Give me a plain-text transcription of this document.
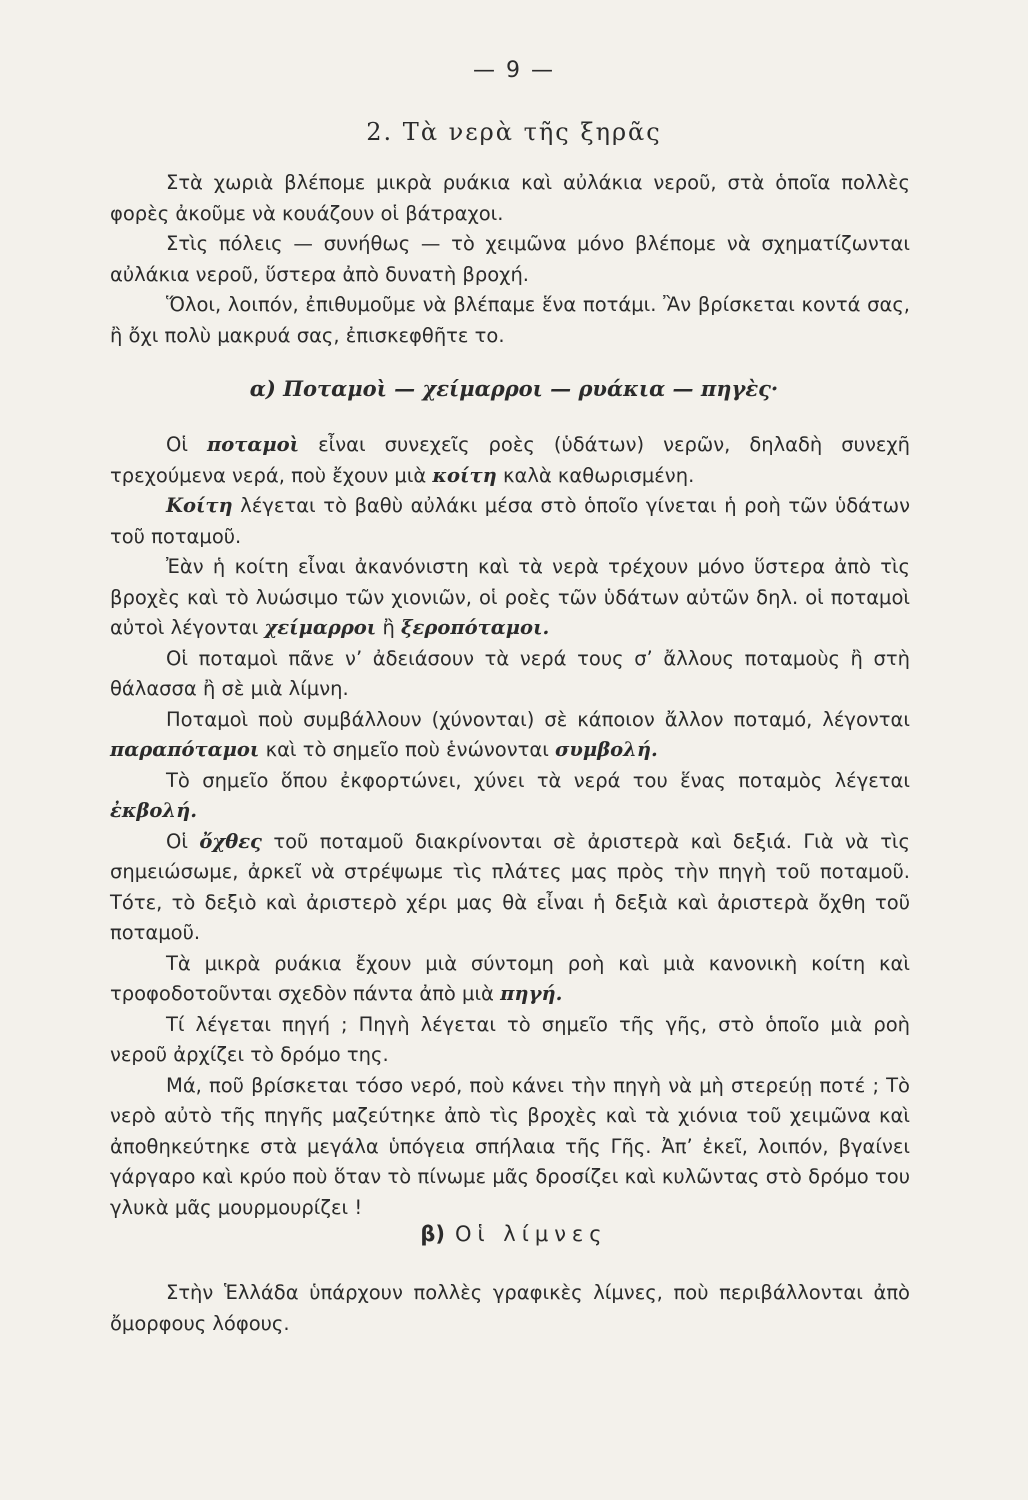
— 9 —
2. Τὰ νερὰ τῆς ξηρᾶς

Στὰ χωριὰ βλέπομε μικρὰ ρυάκια καὶ αὐλάκια νεροῦ, στὰ ὁποῖα πολλὲς φορὲς ἀκοῦμε νὰ κουάζουν οἱ βάτραχοι.

Στὶς πόλεις — συνήθως — τὸ χειμῶνα μόνο βλέπομε νὰ σχηματίζωνται αὐλάκια νεροῦ, ὕστερα ἀπὸ δυνατὴ βροχή.

Ὅλοι, λοιπόν, ἐπιθυμοῦμε νὰ βλέπαμε ἕνα ποτάμι. Ἂν βρίσκεται κοντά σας, ἢ ὄχι πολὺ μακρυά σας, ἐπισκεφθῆτε το.

α) Ποταμοὶ — χείμαρροι — ρυάκια — πηγὲς·

Οἱ ποταμοὶ εἶναι συνεχεῖς ροὲς (ὑδάτων) νερῶν, δηλαδὴ συνεχῆ τρεχούμενα νερά, ποὺ ἔχουν μιὰ κοίτη καλὰ καθωρισμένη.

Κοίτη λέγεται τὸ βαθὺ αὐλάκι μέσα στὸ ὁποῖο γίνεται ἡ ροὴ τῶν ὑδάτων τοῦ ποταμοῦ.

Ἐὰν ἡ κοίτη εἶναι ἀκανόνιστη καὶ τὰ νερὰ τρέχουν μόνο ὕστερα ἀπὸ τὶς βροχὲς καὶ τὸ λυώσιμο τῶν χιονιῶν, οἱ ροὲς τῶν ὑδάτων αὐτῶν δηλ. οἱ ποταμοὶ αὐτοὶ λέγονται χείμαρροι ἢ ξεροπόταμοι.

Οἱ ποταμοὶ πᾶνε ν’ ἀδειάσουν τὰ νερά τους σ’ ἄλλους ποταμοὺς ἢ στὴ θάλασσα ἢ σὲ μιὰ λίμνη.

Ποταμοὶ ποὺ συμβάλλουν (χύνονται) σὲ κάποιον ἄλλον ποταμό, λέγονται παραπόταμοι καὶ τὸ σημεῖο ποὺ ἑνώνονται συμβολή.

Τὸ σημεῖο ὅπου ἐκφορτώνει, χύνει τὰ νερά του ἕνας ποταμὸς λέγεται ἐκβολή.

Οἱ ὄχθες τοῦ ποταμοῦ διακρίνονται σὲ ἀριστερὰ καὶ δεξιά. Γιὰ νὰ τὶς σημειώσωμε, ἀρκεῖ νὰ στρέψωμε τὶς πλάτες μας πρὸς τὴν πηγὴ τοῦ ποταμοῦ. Τότε, τὸ δεξιὸ καὶ ἀριστερὸ χέρι μας θὰ εἶναι ἡ δεξιὰ καὶ ἀριστερὰ ὄχθη τοῦ ποταμοῦ.

Τὰ μικρὰ ρυάκια ἔχουν μιὰ σύντομη ροὴ καὶ μιὰ κανονικὴ κοίτη καὶ τροφοδοτοῦνται σχεδὸν πάντα ἀπὸ μιὰ πηγή.

Τί λέγεται πηγή ; Πηγὴ λέγεται τὸ σημεῖο τῆς γῆς, στὸ ὁποῖο μιὰ ροὴ νεροῦ ἀρχίζει τὸ δρόμο της.

Μά, ποῦ βρίσκεται τόσο νερό, ποὺ κάνει τὴν πηγὴ νὰ μὴ στερεύῃ ποτέ ; Τὸ νερὸ αὐτὸ τῆς πηγῆς μαζεύτηκε ἀπὸ τὶς βροχὲς καὶ τὰ χιόνια τοῦ χειμῶνα καὶ ἀποθηκεύτηκε στὰ μεγάλα ὑπόγεια σπήλαια τῆς Γῆς. Ἀπ’ ἐκεῖ, λοιπόν, βγαίνει γάργαρο καὶ κρύο ποὺ ὅταν τὸ πίνωμε μᾶς δροσίζει καὶ κυλῶντας στὸ δρόμο του γλυκὰ μᾶς μουρμουρίζει !

β) Οἱ λίμνες

Στὴν Ἑλλάδα ὑπάρχουν πολλὲς γραφικὲς λίμνες, ποὺ περιβάλλονται ἀπὸ ὄμορφους λόφους.
